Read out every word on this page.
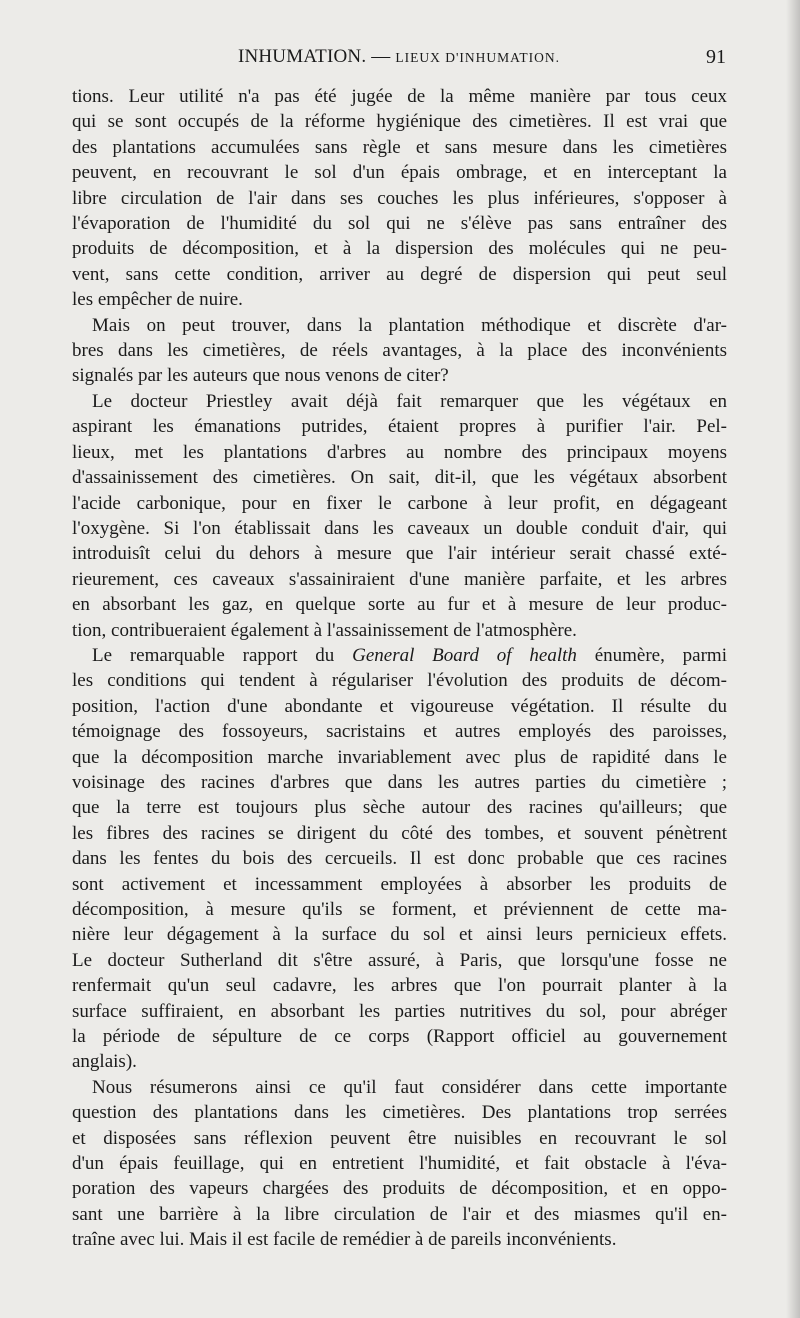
INHUMATION. — LIEUX D'INHUMATION.	91
tions. Leur utilité n'a pas été jugée de la même manière par tous ceux
qui se sont occupés de la réforme hygiénique des cimetières. Il est vrai que
des plantations accumulées sans règle et sans mesure dans les cimetières
peuvent, en recouvrant le sol d'un épais ombrage, et en interceptant la
libre circulation de l'air dans ses couches les plus inférieures, s'opposer à
l'évaporation de l'humidité du sol qui ne s'élève pas sans entraîner des
produits de décomposition, et à la dispersion des molécules qui ne peu-
vent, sans cette condition, arriver au degré de dispersion qui peut seul
les empêcher de nuire.
Mais on peut trouver, dans la plantation méthodique et discrète d'ar-
bres dans les cimetières, de réels avantages, à la place des inconvénients
signalés par les auteurs que nous venons de citer?
Le docteur Priestley avait déjà fait remarquer que les végétaux en
aspirant les émanations putrides, étaient propres à purifier l'air. Pel-
lieux, met les plantations d'arbres au nombre des principaux moyens
d'assainissement des cimetières. On sait, dit-il, que les végétaux absorbent
l'acide carbonique, pour en fixer le carbone à leur profit, en dégageant
l'oxygène. Si l'on établissait dans les caveaux un double conduit d'air, qui
introduisît celui du dehors à mesure que l'air intérieur serait chassé exté-
rieurement, ces caveaux s'assainiraient d'une manière parfaite, et les arbres
en absorbant les gaz, en quelque sorte au fur et à mesure de leur produc-
tion, contribueraient également à l'assainissement de l'atmosphère.
Le remarquable rapport du General Board of health énumère, parmi
les conditions qui tendent à régulariser l'évolution des produits de décom-
position, l'action d'une abondante et vigoureuse végétation. Il résulte du
témoignage des fossoyeurs, sacristains et autres employés des paroisses,
que la décomposition marche invariablement avec plus de rapidité dans le
voisinage des racines d'arbres que dans les autres parties du cimetière ;
que la terre est toujours plus sèche autour des racines qu'ailleurs; que
les fibres des racines se dirigent du côté des tombes, et souvent pénètrent
dans les fentes du bois des cercueils. Il est donc probable que ces racines
sont activement et incessamment employées à absorber les produits de
décomposition, à mesure qu'ils se forment, et préviennent de cette ma-
nière leur dégagement à la surface du sol et ainsi leurs pernicieux effets.
Le docteur Sutherland dit s'être assuré, à Paris, que lorsqu'une fosse ne
renfermait qu'un seul cadavre, les arbres que l'on pourrait planter à la
surface suffiraient, en absorbant les parties nutritives du sol, pour abréger
la période de sépulture de ce corps (Rapport officiel au gouvernement
anglais).
Nous résumerons ainsi ce qu'il faut considérer dans cette importante
question des plantations dans les cimetières. Des plantations trop serrées
et disposées sans réflexion peuvent être nuisibles en recouvrant le sol
d'un épais feuillage, qui en entretient l'humidité, et fait obstacle à l'éva-
poration des vapeurs chargées des produits de décomposition, et en oppo-
sant une barrière à la libre circulation de l'air et des miasmes qu'il en-
traîne avec lui. Mais il est facile de remédier à de pareils inconvénients.
